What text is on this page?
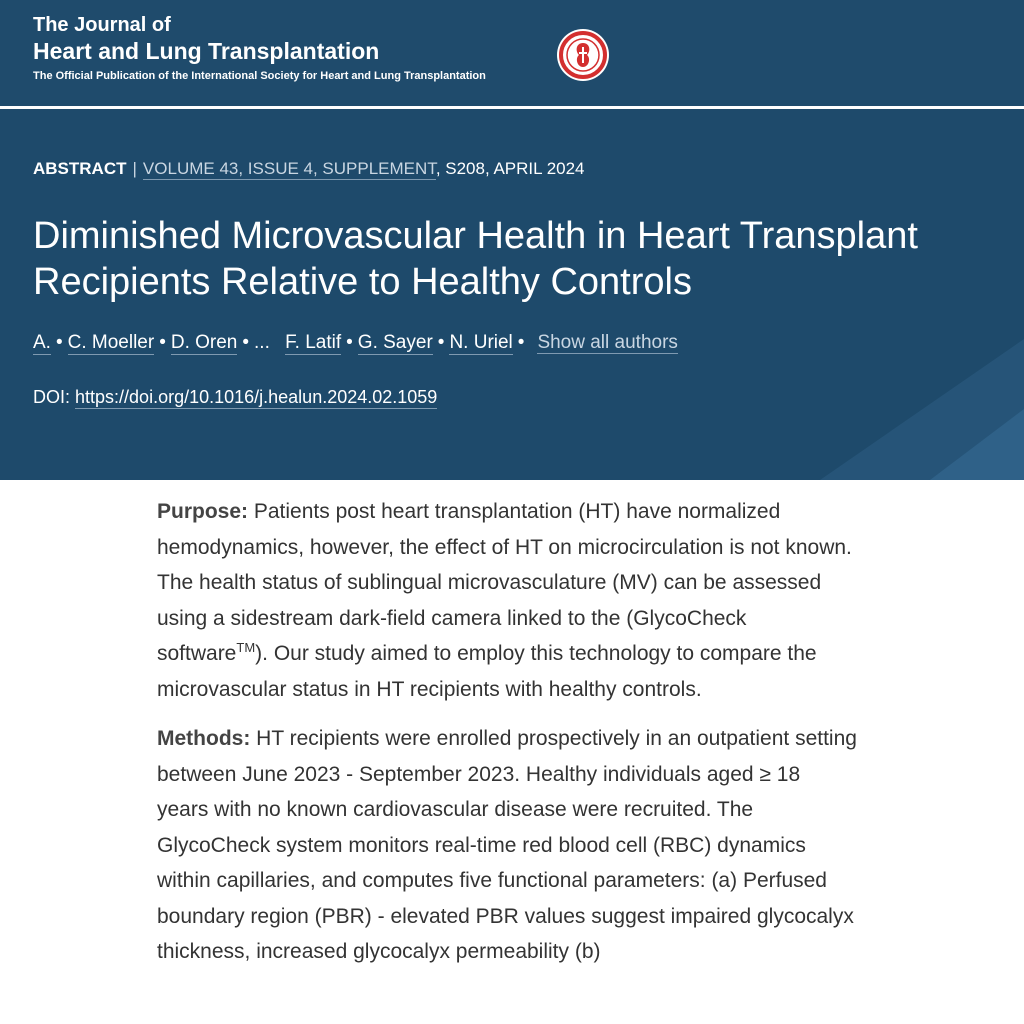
The Journal of
Heart and Lung Transplantation
The Official Publication of the International Society for Heart and Lung Transplantation
ABSTRACT | VOLUME 43, ISSUE 4, SUPPLEMENT, S208, APRIL 2024
Diminished Microvascular Health in Heart Transplant Recipients Relative to Healthy Controls
A. • C. Moeller • D. Oren • ... F. Latif • G. Sayer • N. Uriel • Show all authors
DOI: https://doi.org/10.1016/j.healun.2024.02.1059

Purpose: Patients post heart transplantation (HT) have normalized hemodynamics, however, the effect of HT on microcirculation is not known. The health status of sublingual microvasculature (MV) can be assessed using a sidestream dark-field camera linked to the (GlycoCheck software™). Our study aimed to employ this technology to compare the microvascular status in HT recipients with healthy controls.

Methods: HT recipients were enrolled prospectively in an outpatient setting between June 2023 - September 2023. Healthy individuals aged ≥ 18 years with no known cardiovascular disease were recruited. The GlycoCheck system monitors real-time red blood cell (RBC) dynamics within capillaries, and computes five functional parameters: (a) Perfused boundary region (PBR) - elevated PBR values suggest impaired glycocalyx thickness, increased glycocalyx permeability (b)
